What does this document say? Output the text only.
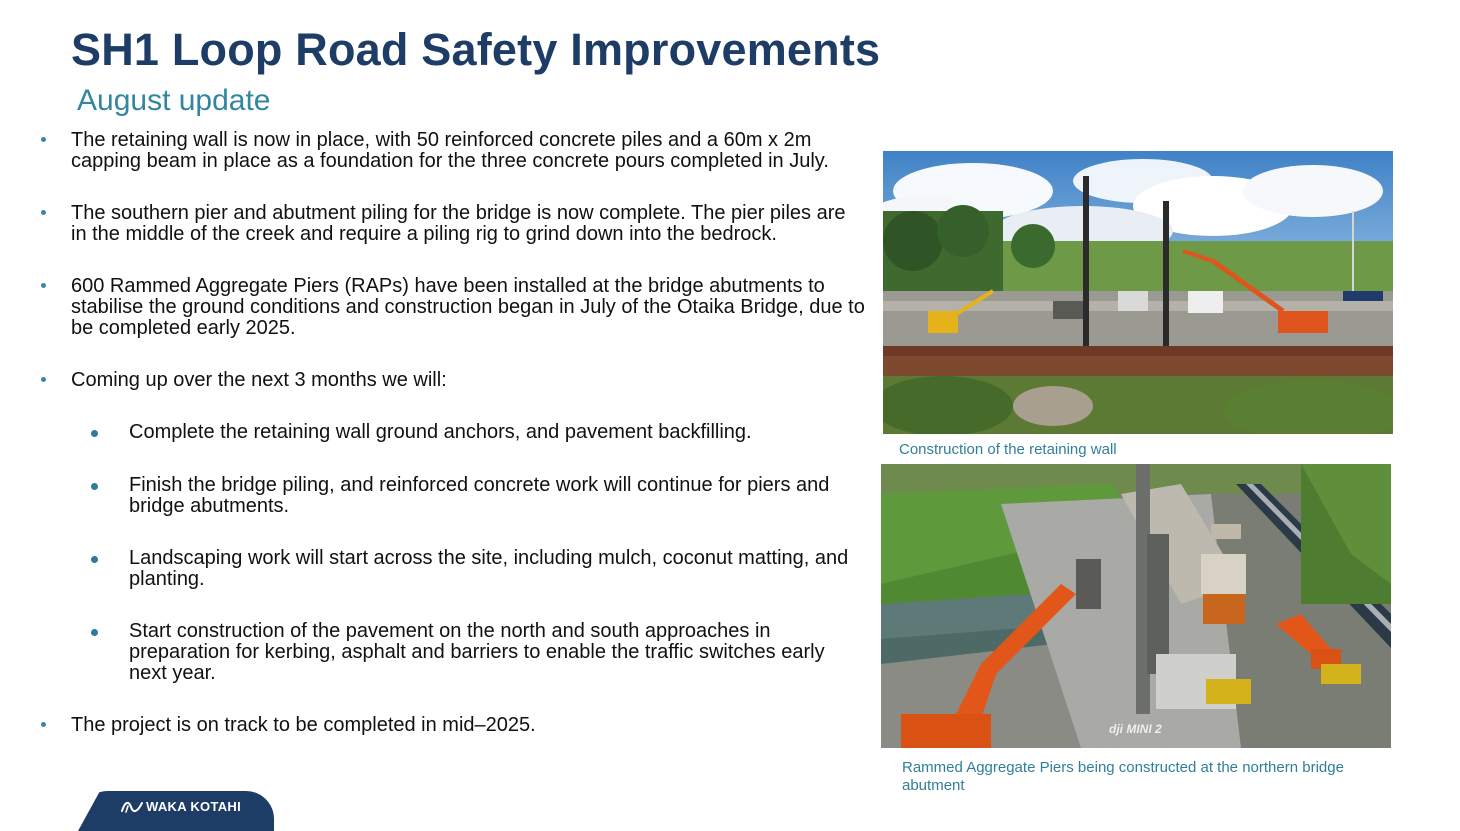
SH1 Loop Road Safety Improvements
August update
The retaining wall is now in place, with 50 reinforced concrete piles and a 60m x 2m capping beam in place as a foundation for the three concrete pours completed in July.
The southern pier and abutment piling for the bridge is now complete. The pier piles are in the middle of the creek and require a piling rig to grind down into the bedrock.
600 Rammed Aggregate Piers (RAPs) have been installed at the bridge abutments to stabilise the ground conditions and construction began in July of the Otaika Bridge, due to be completed early 2025.
Coming up over the next 3 months we will:
Complete the retaining wall ground anchors, and pavement backfilling.
Finish the bridge piling, and reinforced concrete work will continue for piers and bridge abutments.
Landscaping work will start across the site, including mulch, coconut matting, and planting.
Start construction of the pavement on the north and south approaches in preparation for kerbing, asphalt and barriers to enable the traffic switches early next year.
The project is on track to be completed in mid–2025.

Construction of the retaining wall

dji MINI 2

Rammed Aggregate Piers being constructed at the northern bridge abutment

WAKA KOTAHI
